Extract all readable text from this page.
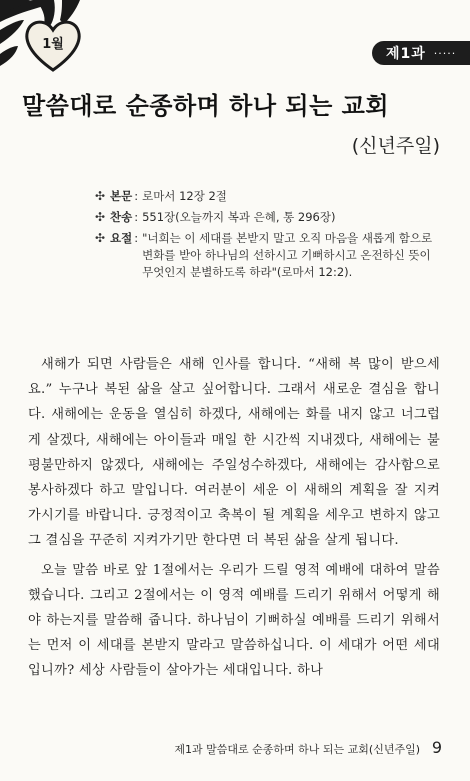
1월
제1과 ·····
말씀대로 순종하며 하나 되는 교회
(신년주일)
✣ 본문 : 로마서 12장 2절
✣ 찬송 : 551장(오늘까지 복과 은혜, 통 296장)
✣ 요절 : "너희는 이 세대를 본받지 말고 오직 마음을 새롭게 함으로 변화를 받아 하나님의 선하시고 기뻐하시고 온전하신 뜻이 무엇인지 분별하도록 하라"(로마서 12:2).

새해가 되면 사람들은 새해 인사를 합니다. “새해 복 많이 받으세요.” 누구나 복된 삶을 살고 싶어합니다. 그래서 새로운 결심을 합니다. 새해에는 운동을 열심히 하겠다, 새해에는 화를 내지 않고 너그럽게 살겠다, 새해에는 아이들과 매일 한 시간씩 지내겠다, 새해에는 불평불만하지 않겠다, 새해에는 주일성수하겠다, 새해에는 감사함으로 봉사하겠다 하고 말입니다. 여러분이 세운 이 새해의 계획을 잘 지켜 가시기를 바랍니다. 긍정적이고 축복이 될 계획을 세우고 변하지 않고 그 결심을 꾸준히 지켜가기만 한다면 더 복된 삶을 살게 됩니다.

오늘 말씀 바로 앞 1절에서는 우리가 드릴 영적 예배에 대하여 말씀했습니다. 그리고 2절에서는 이 영적 예배를 드리기 위해서 어떻게 해야 하는지를 말씀해 줍니다. 하나님이 기뻐하실 예배를 드리기 위해서는 먼저 이 세대를 본받지 말라고 말씀하십니다. 이 세대가 어떤 세대입니까? 세상 사람들이 살아가는 세대입니다. 하나

제1과 말씀대로 순종하며 하나 되는 교회(신년주일) 9
